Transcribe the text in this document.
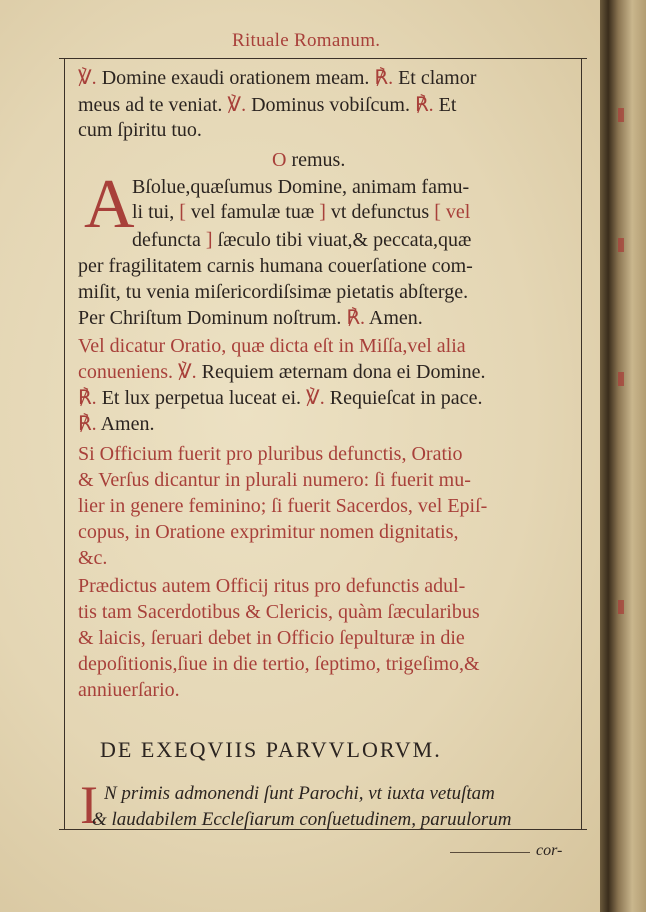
Rituale Romanum.
℣. Domine exaudi orationem meam. ℟. Et clamor
meus ad te veniat. ℣. Dominus vobiſcum. ℟. Et
cum ſpiritu tuo.
O remus.
Bſolue,quæſumus Domine, animam famu-
li tui, [ vel famulæ tuæ ] vt defunctus [ vel
defuncta ] ſæculo tibi viuat,& peccata,quæ
per fragilitatem carnis humana couerſatione com-
miſit, tu venia miſericordiſsimæ pietatis abſterge.
Per Chriſtum Dominum noſtrum. ℟. Amen.
Vel dicatur Oratio, quæ dicta eſt in Miſſa,vel alia
conueniens. ℣. Requiem æternam dona ei Domine.
℟. Et lux perpetua luceat ei. ℣. Requieſcat in pace.
℟. Amen.
Si Officium fuerit pro pluribus defunctis, Oratio
& Verſus dicantur in plurali numero: ſi fuerit mu-
lier in genere feminino; ſi fuerit Sacerdos, vel Epiſ-
copus, in Oratione exprimitur nomen dignitatis,
&c.
Prædictus autem Officij ritus pro defunctis adul-
tis tam Sacerdotibus & Clericis, quàm ſæcularibus
& laicis, ſeruari debet in Officio ſepulturæ in die
depoſitionis,ſiue in die tertio, ſeptimo, trigeſimo,&
anniuerſario.
A
DE EXEQVIIS PARVVLORVM.
I N primis admonendi ſunt Parochi, vt iuxta vetuſtam
& laudabilem Eccleſiarum conſuetudinem, paruulorum
cor-
